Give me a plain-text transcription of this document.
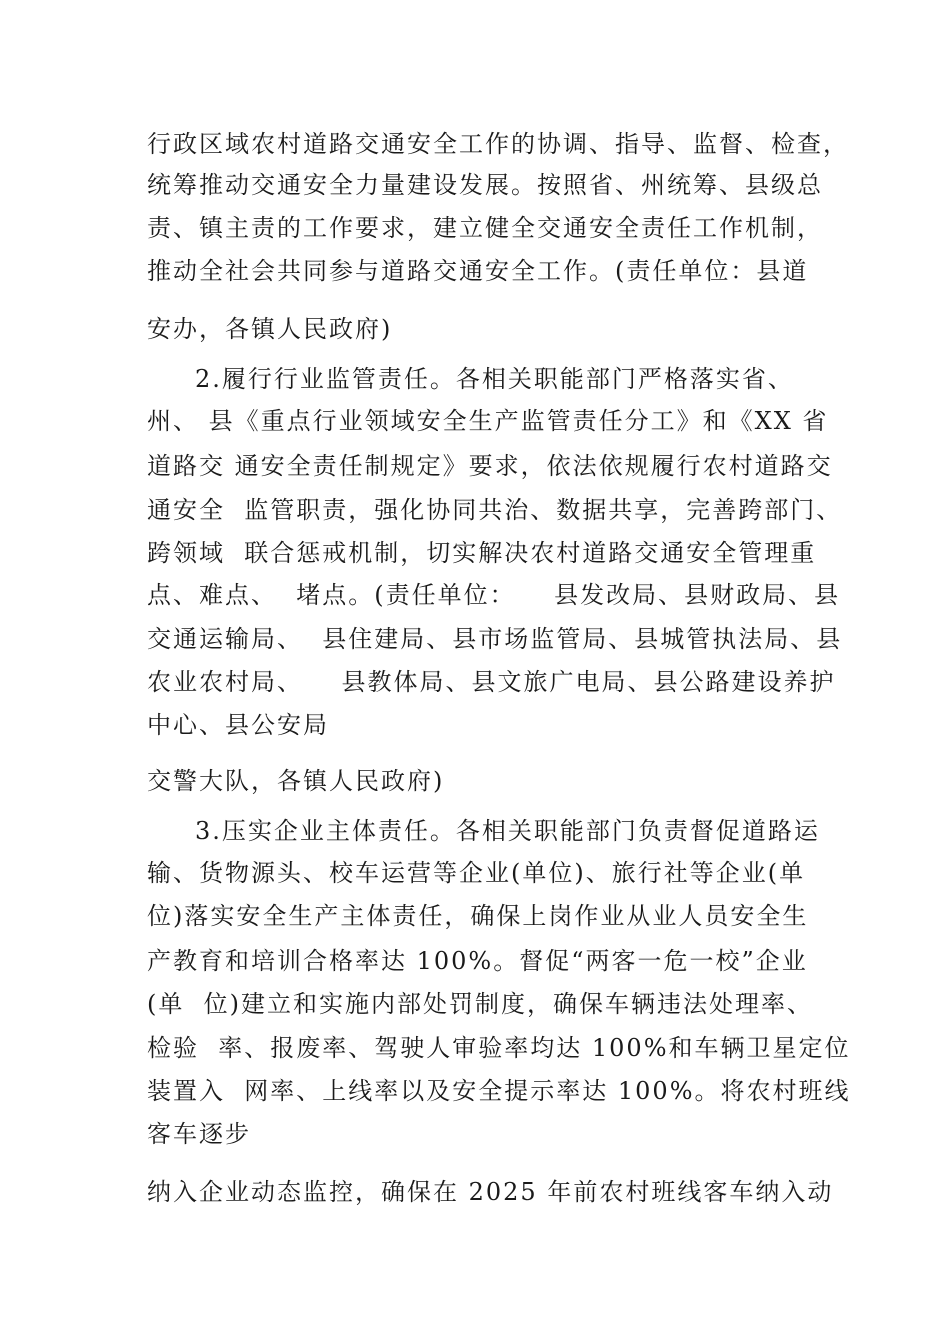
行政区域农村道路交通安全工作的协调、指导、监督、检查，
统筹推动交通安全力量建设发展。按照省、州统筹、县级总
责、镇主责的工作要求，建立健全交通安全责任工作机制，
推动全社会共同参与道路交通安全工作。(责任单位：县道
安办，各镇人民政府)
2.履行行业监管责任。各相关职能部门严格落实省、
州、 县《重点行业领域安全生产监管责任分工》和《XX 省
道路交 通安全责任制规定》要求，依法依规履行农村道路交
通安全  监管职责，强化协同共治、数据共享，完善跨部门、
跨领域  联合惩戒机制，切实解决农村道路交通安全管理重
点、难点、  堵点。(责任单位：    县发改局、县财政局、县
交通运输局、  县住建局、县市场监管局、县城管执法局、县
农业农村局、    县教体局、县文旅广电局、县公路建设养护
中心、县公安局
交警大队，各镇人民政府)
3.压实企业主体责任。各相关职能部门负责督促道路运
输、货物源头、校车运营等企业(单位)、旅行社等企业(单
位)落实安全生产主体责任，确保上岗作业从业人员安全生
产教育和培训合格率达 100%。督促“两客一危一校”企业
(单  位)建立和实施内部处罚制度，确保车辆违法处理率、
检验  率、报废率、驾驶人审验率均达 100%和车辆卫星定位
装置入  网率、上线率以及安全提示率达 100%。将农村班线
客车逐步
纳入企业动态监控，确保在 2025 年前农村班线客车纳入动
